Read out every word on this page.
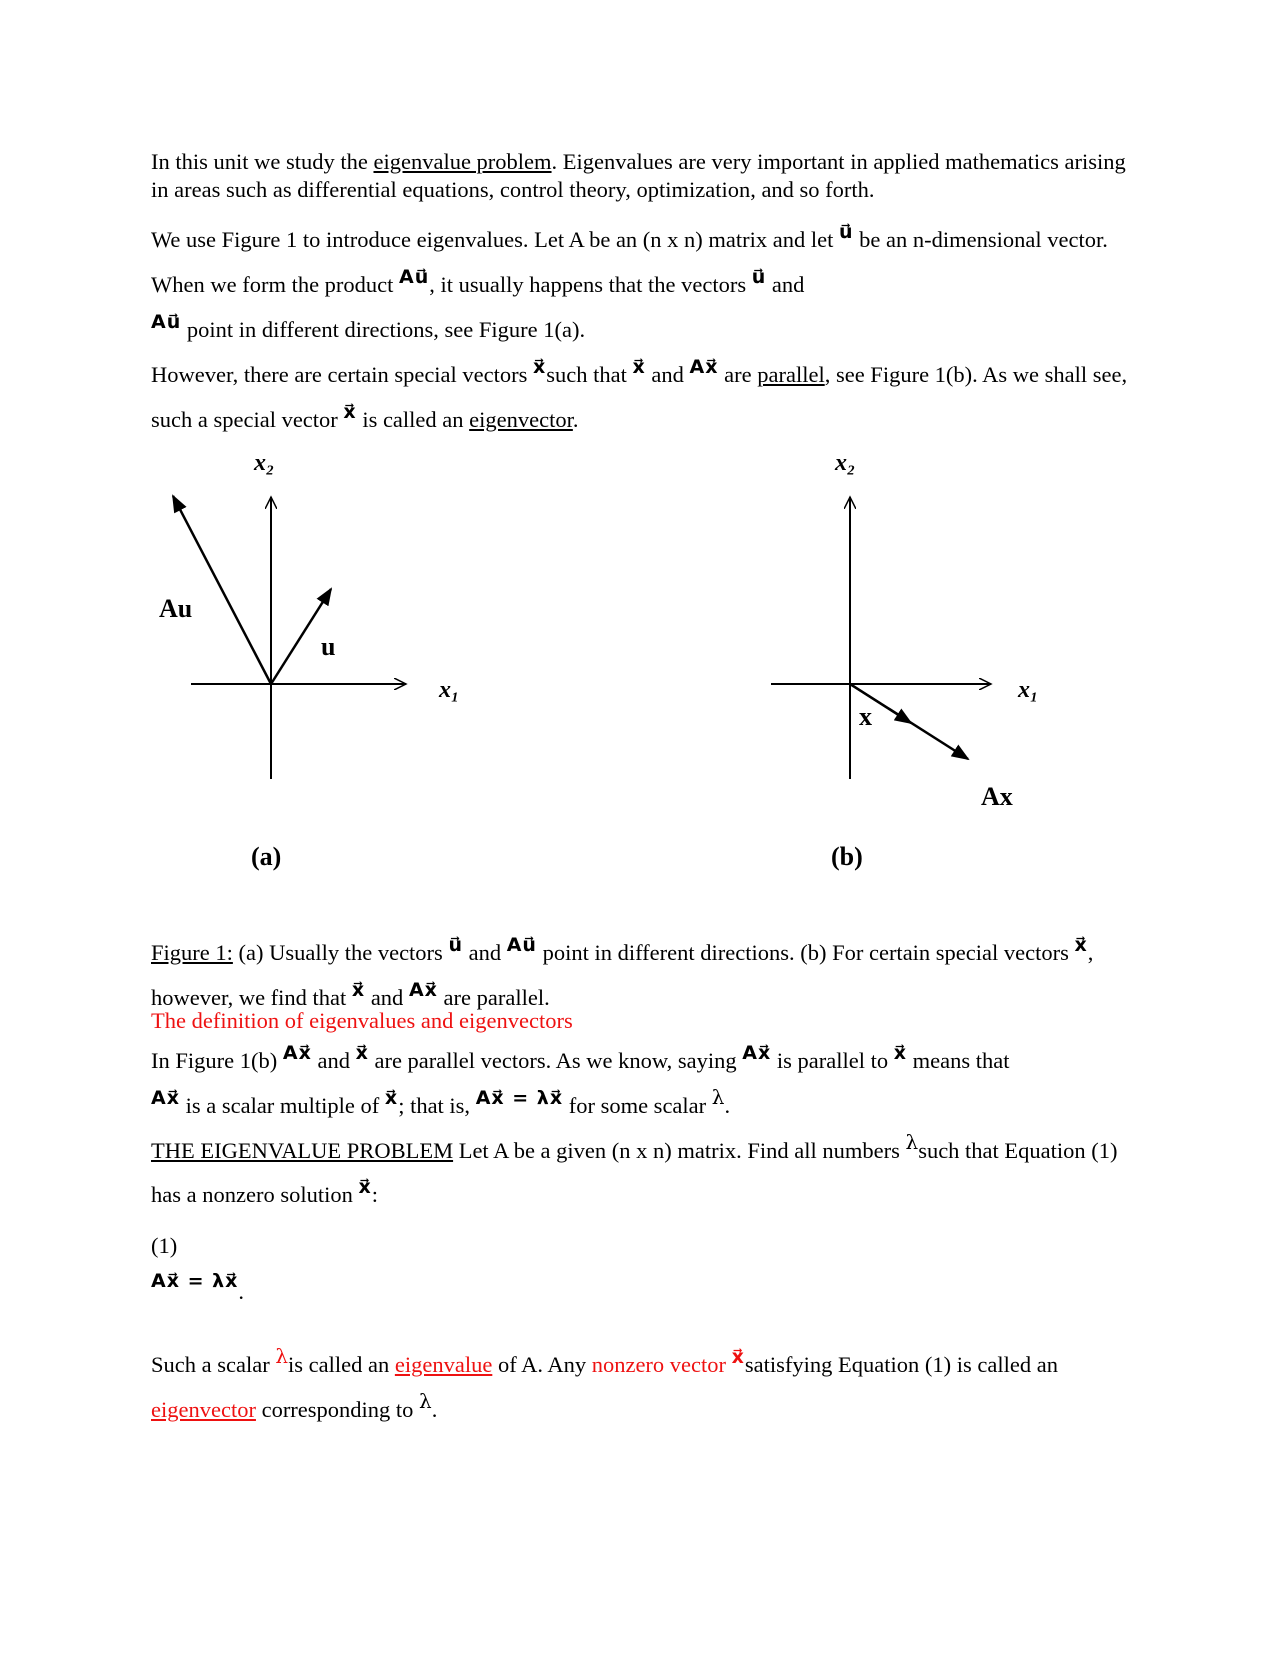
In this unit we study the eigenvalue problem. Eigenvalues are very important in applied mathematics arising in areas such as differential equations, control theory, optimization, and so forth.

We use Figure 1 to introduce eigenvalues. Let A be an (n x n) matrix and let $^{u⃗}$ be an n-dimensional vector. When we form the product $^{Au⃗}$, it usually happens that the vectors $^{u⃗}$ and
$^{Au⃗}$ point in different directions, see Figure 1(a).

However, there are certain special vectors $^{x⃗}$such that $^{x⃗}$ and $^{Ax⃗}$ are parallel, see Figure 1(b). As we shall see, such a special vector $^{x⃗}$ is called an eigenvector.

x₂
x₁
Au⃗
u⃗
(a)
x₂
x₁
x⃗
Ax⃗
(b)

Figure 1: (a) Usually the vectors $^{u⃗}$ and $^{Au⃗}$ point in different directions. (b) For certain special vectors $^{x⃗}$, however, we find that $^{x⃗}$ and $^{Ax⃗}$ are parallel.

The definition of eigenvalues and eigenvectors

In Figure 1(b) $^{Ax⃗}$ and $^{x⃗}$ are parallel vectors. As we know, saying $^{Ax⃗}$ is parallel to $^{x⃗}$ means that
$^{Ax⃗}$ is a scalar multiple of $^{x⃗}$; that is, $^{Ax⃗ = \lambda x⃗}$ for some scalar λ.

THE EIGENVALUE PROBLEM Let A be a given (n x n) matrix. Find all numbers λsuch that Equation (1) has a nonzero solution $^{x⃗}$:

(1)

Ax⃗ = λx⃗.

Such a scalar λis called an eigenvalue of A. Any nonzero vector $^{x⃗}$satisfying Equation (1) is called an eigenvector corresponding to λ.
